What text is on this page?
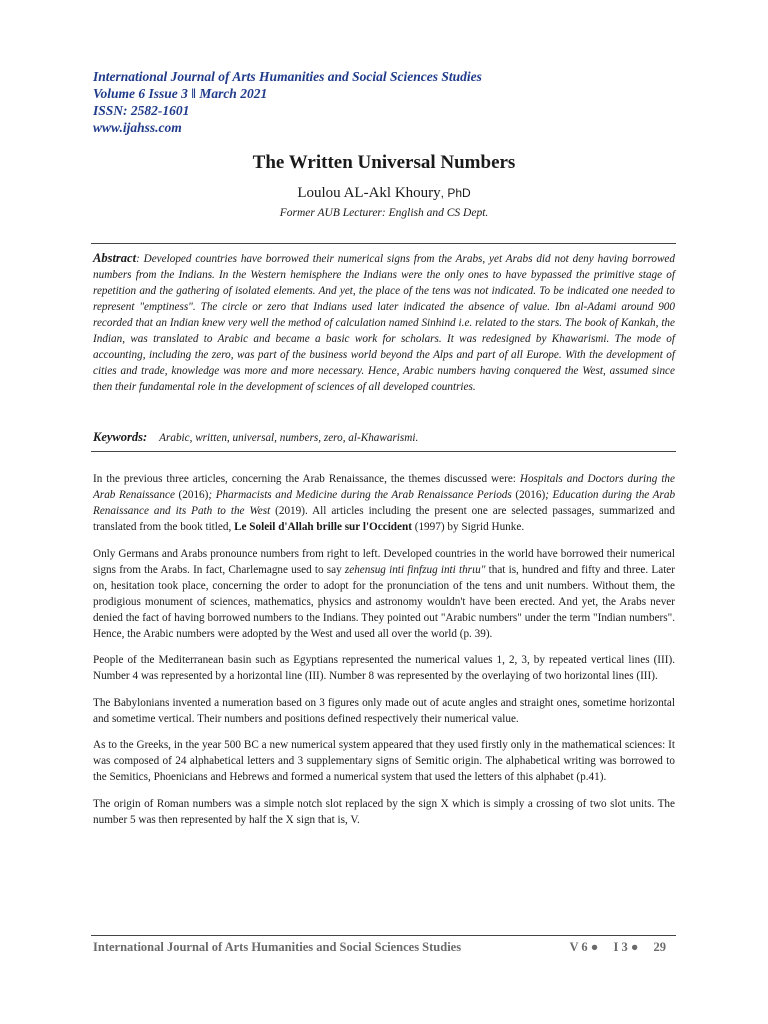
International Journal of Arts Humanities and Social Sciences Studies
Volume 6 Issue 3 ǁ March 2021
ISSN: 2582-1601
www.ijahss.com
The Written Universal Numbers
Loulou AL-Akl Khoury, PhD
Former AUB Lecturer: English and CS Dept.

Abstract: Developed countries have borrowed their numerical signs from the Arabs, yet Arabs did not deny having borrowed numbers from the Indians. In the Western hemisphere the Indians were the only ones to have bypassed the primitive stage of repetition and the gathering of isolated elements. And yet, the place of the tens was not indicated. To be indicated one needed to represent "emptiness". The circle or zero that Indians used later indicated the absence of value. Ibn al-Adami around 900 recorded that an Indian knew very well the method of calculation named Sinhind i.e. related to the stars. The book of Kankah, the Indian, was translated to Arabic and became a basic work for scholars. It was redesigned by Khawarismi. The mode of accounting, including the zero, was part of the business world beyond the Alps and part of all Europe. With the development of cities and trade, knowledge was more and more necessary. Hence, Arabic numbers having conquered the West, assumed since then their fundamental role in the development of sciences of all developed countries.

Keywords: Arabic, written, universal, numbers, zero, al-Khawarismi.

In the previous three articles, concerning the Arab Renaissance, the themes discussed were: Hospitals and Doctors during the Arab Renaissance (2016); Pharmacists and Medicine during the Arab Renaissance Periods (2016); Education during the Arab Renaissance and its Path to the West (2019). All articles including the present one are selected passages, summarized and translated from the book titled, Le Soleil d'Allah brille sur l'Occident (1997) by Sigrid Hunke.

Only Germans and Arabs pronounce numbers from right to left. Developed countries in the world have borrowed their numerical signs from the Arabs. In fact, Charlemagne used to say zehensug inti finfzug inti thrιu" that is, hundred and fifty and three. Later on, hesitation took place, concerning the order to adopt for the pronunciation of the tens and unit numbers. Without them, the prodigious monument of sciences, mathematics, physics and astronomy wouldn't have been erected. And yet, the Arabs never denied the fact of having borrowed numbers to the Indians. They pointed out "Arabic numbers" under the term "Indian numbers". Hence, the Arabic numbers were adopted by the West and used all over the world (p. 39).

People of the Mediterranean basin such as Egyptians represented the numerical values 1, 2, 3, by repeated vertical lines (III). Number 4 was represented by a horizontal line (III). Number 8 was represented by the overlaying of two horizontal lines (III).

The Babylonians invented a numeration based on 3 figures only made out of acute angles and straight ones, sometime horizontal and sometime vertical. Their numbers and positions defined respectively their numerical value.

As to the Greeks, in the year 500 BC a new numerical system appeared that they used firstly only in the mathematical sciences: It was composed of 24 alphabetical letters and 3 supplementary signs of Semitic origin. The alphabetical writing was borrowed to the Semitics, Phoenicians and Hebrews and formed a numerical system that used the letters of this alphabet (p.41).

The origin of Roman numbers was a simple notch slot replaced by the sign X which is simply a crossing of two slot units. The number 5 was then represented by half the X sign that is, V.

International Journal of Arts Humanities and Social Sciences Studies	V 6 ● I 3 ● 29
